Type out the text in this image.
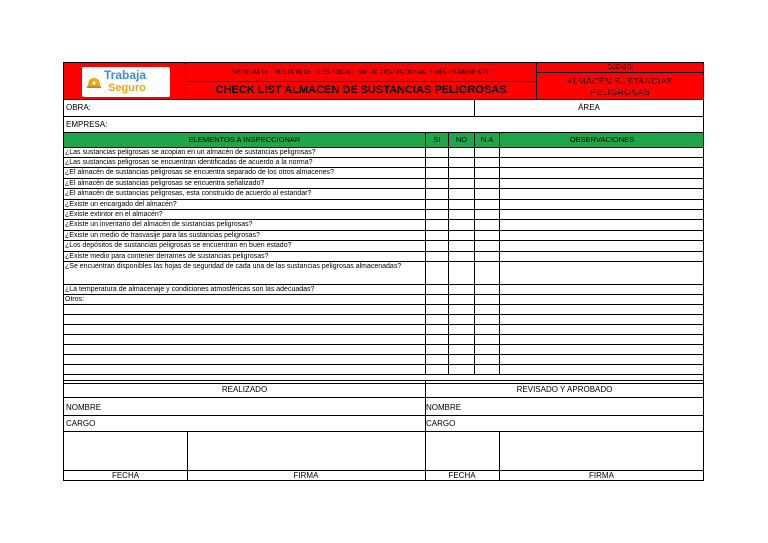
Trabaja
Seguro
SISTEMA DE GESTION DE SEGURIDAD, SALUD OCUPACIONAL Y MEDIO AMBIENTE
CHECK LIST ALMACEN DE SUSTANCIAS PELIGROSAS
CÓDIGO:
ALMACÉN SUSTANCIAS PELIGROSAS
OBRA:	ÁREA
EMPRESA:
ELEMENTOS A INSPECCIONAR	SI	NO	N.A	OBSERVACIONES
¿Las sustancias peligrosas se acopian en un almacén de sustancias peligrosas?
¿Las sustancias peligrosas se encuentran identificadas de acuerdo a la norma?
¿El almacén de sustancias peligrosas se encuentra separado de los otros almacenes?
¿El almacén de sustancias peligrosas se encuentra señalizado?
¿El almacén de sustancias peligrosas, esta construido de acuerdo al estandar?
¿Existe un encargado del almacén?
¿Existe extintor en el almacén?
¿Existe un inventario del almacén de sustancias peligrosas?
¿Existe un medio de trasvasije para las sustancias peligrosas?
¿Los depósitos de sustancias peligrosas se encuentran en buen estado?
¿Existe medio para contener derrames de sustancias peligrosas?
¿Se encuentran disponibles las hojas de seguridad de cada una de las sustancias peligrosas almacenadas?
¿La temperatura de almacenaje y condiciones atmosféricas son las adecuadas?
Otros:
REALIZADO	REVISADO Y APROBADO
NOMBRE	NOMBRE
CARGO	CARGO
FECHA	FIRMA	FECHA	FIRMA
